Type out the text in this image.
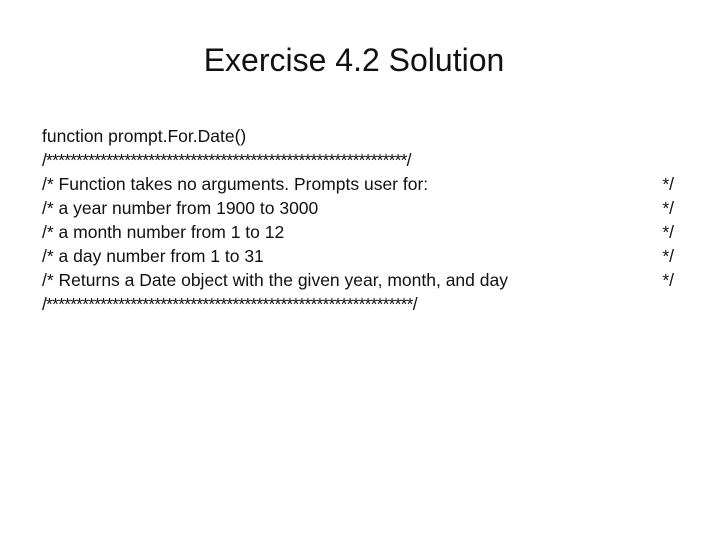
Exercise 4.2 Solution

function prompt.For.Date()

/************************************************************/

/* Function takes no arguments. Prompts user for:

	*/

/* a year number from 1900 to 3000

	*/

/* a month number from 1 to 12

	*/

/* a day number from 1 to 31

	*/

/* Returns a Date object with the given year, month, and day

	*/

/*************************************************************/
